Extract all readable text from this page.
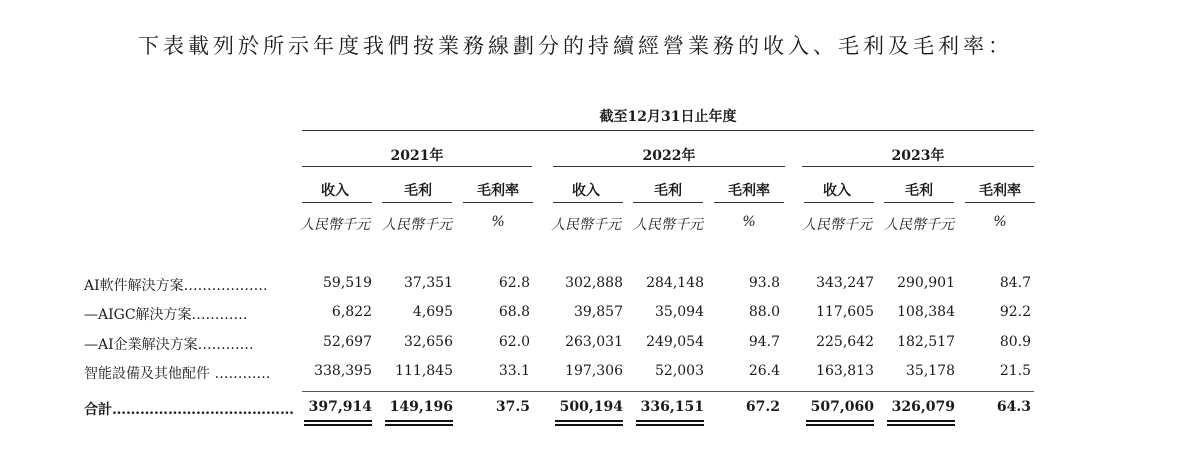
下表載列於所示年度我們按業務線劃分的持續經營業務的收入、毛利及毛利率：
截至12月31日止年度
2021年	2022年	2023年
收入	毛利	毛利率	收入	毛利	毛利率	收入	毛利	毛利率
人民幣千元 人民幣千元	%	人民幣千元 人民幣千元	%	人民幣千元 人民幣千元	%
AI軟件解決方案………………	59,519	37,351	62.8	302,888	284,148	93.8	343,247	290,901	84.7
—AIGC解決方案…………	6,822	4,695	68.8	39,857	35,094	88.0	117,605	108,384	92.2
—AI企業解決方案…………	52,697	32,656	62.0	263,031	249,054	94.7	225,642	182,517	80.9
智能設備及其他配件 …………	338,395	111,845	33.1	197,306	52,003	26.4	163,813	35,178	21.5
合計…………………………………	397,914	149,196	37.5	500,194	336,151	67.2	507,060	326,079	64.3
